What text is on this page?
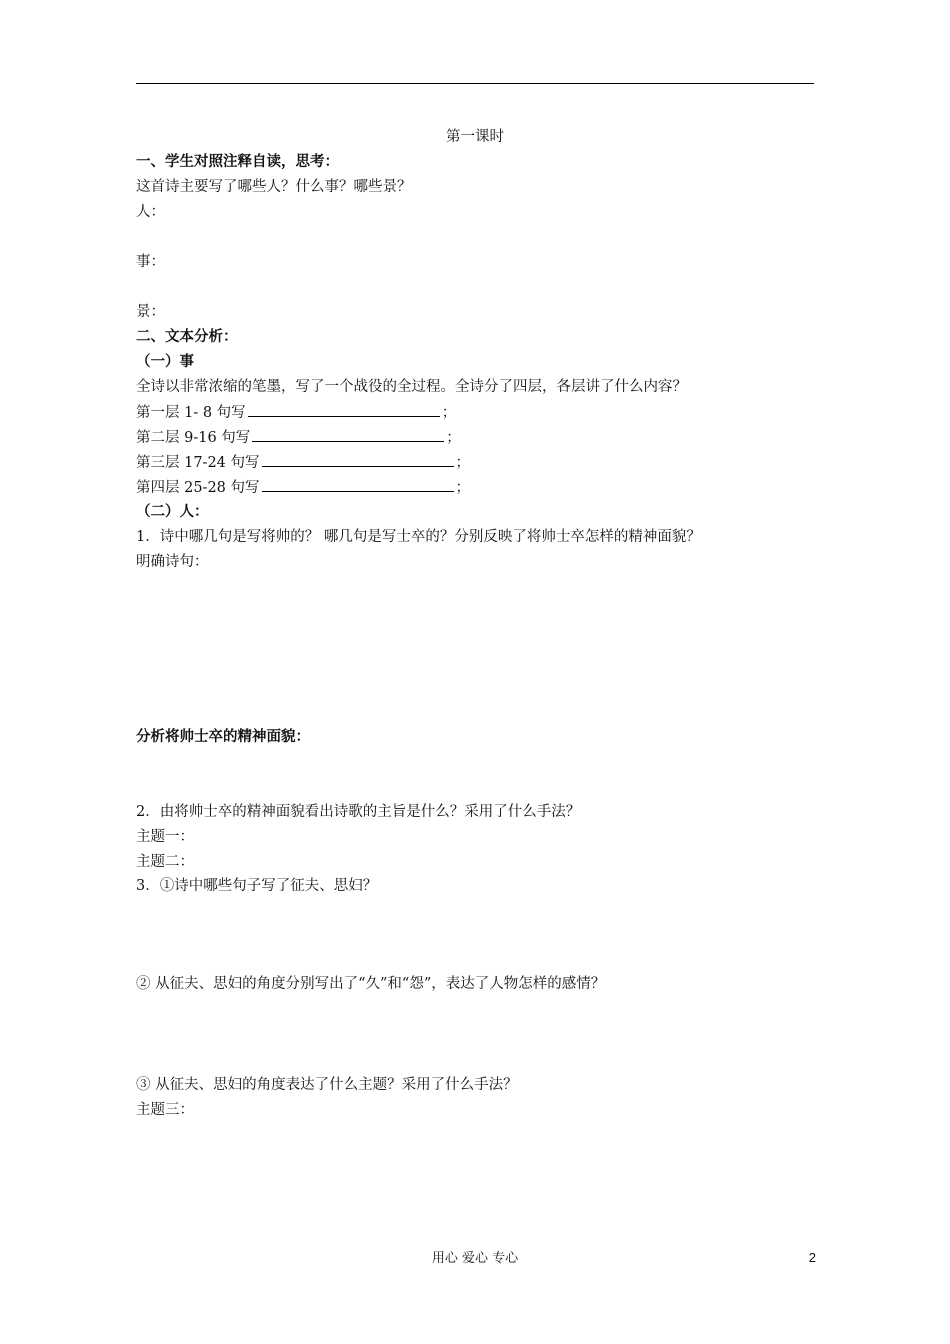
第一课时
一、学生对照注释自读，思考：
这首诗主要写了哪些人？什么事？哪些景？
人：
事：
景：
二、文本分析：
（一）事
全诗以非常浓缩的笔墨，写了一个战役的全过程。全诗分了四层，各层讲了什么内容？
第一层 1- 8 句写	；
第二层 9-16 句写	；
第三层 17-24 句写	；
第四层 25-28 句写	；
（二）人：
1．诗中哪几句是写将帅的？ 哪几句是写士卒的？分别反映了将帅士卒怎样的精神面貌？
明确诗句：
分析将帅士卒的精神面貌：
2．由将帅士卒的精神面貌看出诗歌的主旨是什么？采用了什么手法？
主题一：
主题二：
3．①诗中哪些句子写了征夫、思妇？
② 从征夫、思妇的角度分别写出了“久”和“怨”，表达了人物怎样的感情？
③ 从征夫、思妇的角度表达了什么主题？采用了什么手法？
主题三：
用心 爱心 专心	2
